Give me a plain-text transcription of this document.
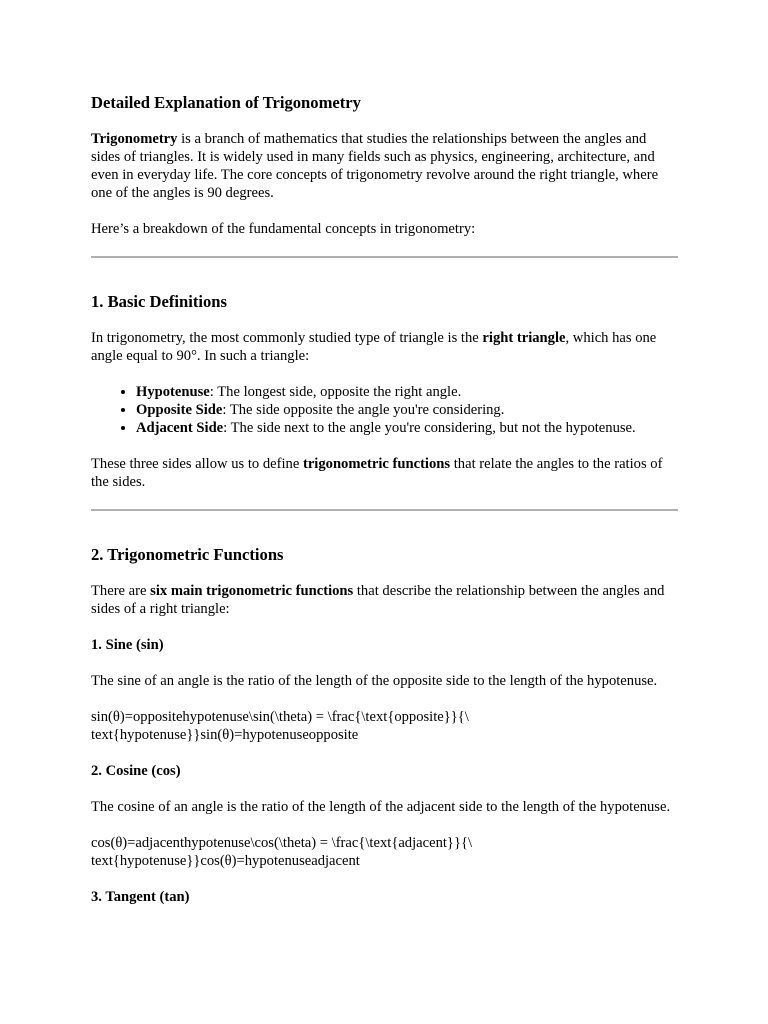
Detailed Explanation of Trigonometry

Trigonometry is a branch of mathematics that studies the relationships between the angles and sides of triangles. It is widely used in many fields such as physics, engineering, architecture, and even in everyday life. The core concepts of trigonometry revolve around the right triangle, where one of the angles is 90 degrees.

Here’s a breakdown of the fundamental concepts in trigonometry:

1. Basic Definitions

In trigonometry, the most commonly studied type of triangle is the right triangle, which has one angle equal to 90°. In such a triangle:

• Hypotenuse: The longest side, opposite the right angle.
• Opposite Side: The side opposite the angle you're considering.
• Adjacent Side: The side next to the angle you're considering, but not the hypotenuse.

These three sides allow us to define trigonometric functions that relate the angles to the ratios of the sides.

2. Trigonometric Functions

There are six main trigonometric functions that describe the relationship between the angles and sides of a right triangle:

1. Sine (sin)

The sine of an angle is the ratio of the length of the opposite side to the length of the hypotenuse.

sin(θ)=oppositehypotenuse\sin(\theta) = \frac{\text{opposite}}{\ text{hypotenuse}}sin(θ)=hypotenuseopposite

2. Cosine (cos)

The cosine of an angle is the ratio of the length of the adjacent side to the length of the hypotenuse.

cos(θ)=adjacenthypotenuse\cos(\theta) = \frac{\text{adjacent}}{\ text{hypotenuse}}cos(θ)=hypotenuseadjacent

3. Tangent (tan)
